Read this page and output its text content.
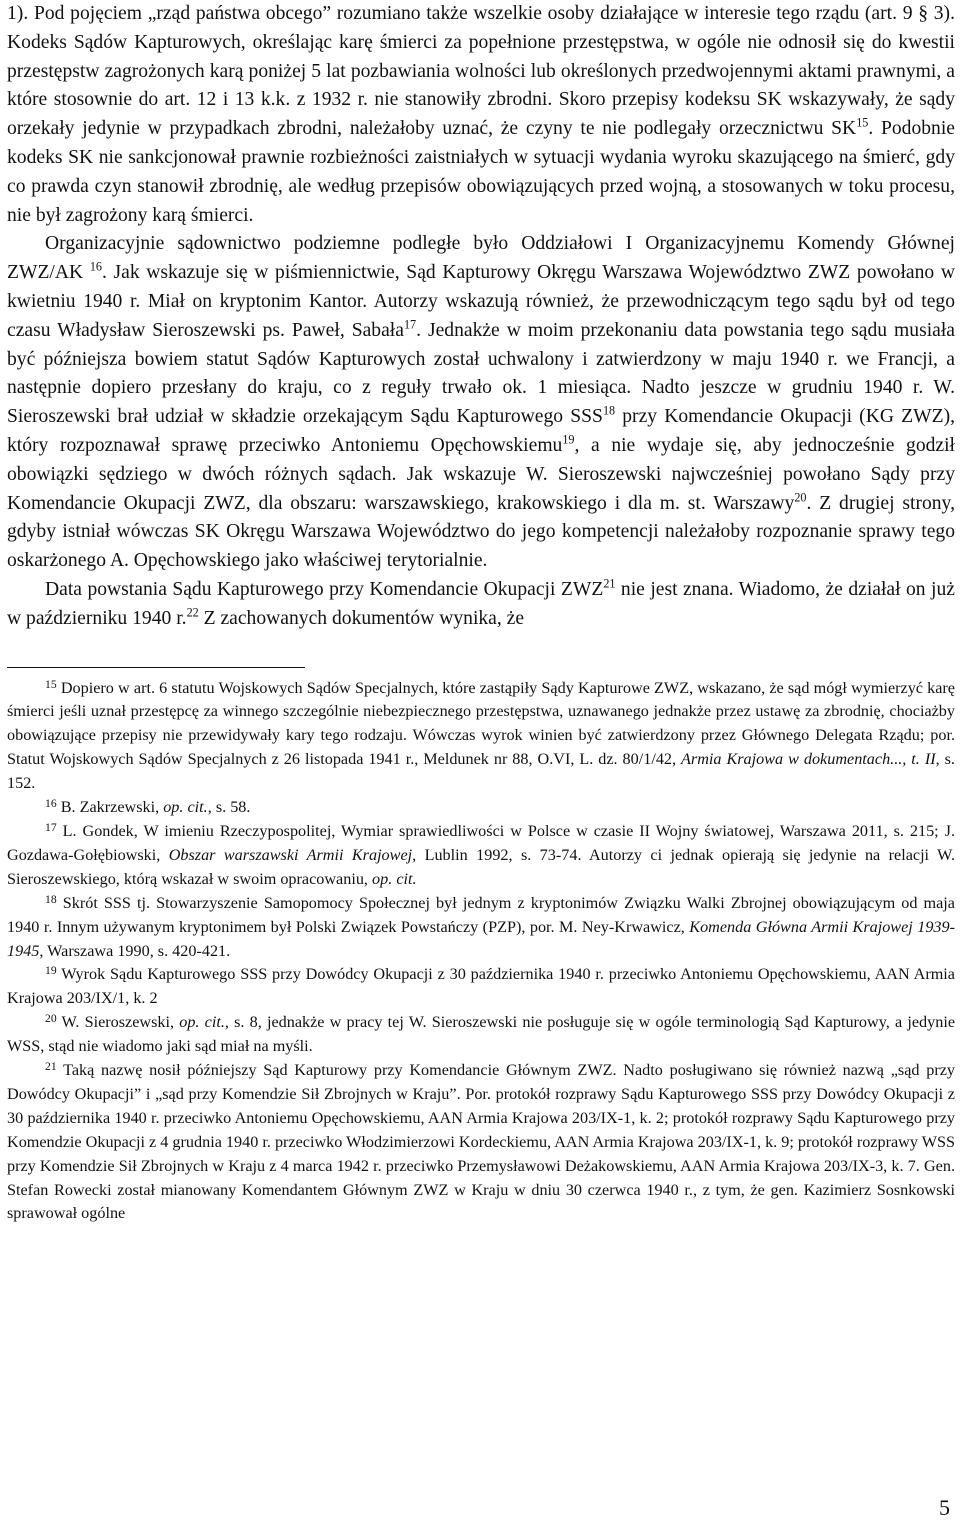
1). Pod pojęciem „rząd państwa obcego” rozumiano także wszelkie osoby działające w interesie tego rządu (art. 9 § 3). Kodeks Sądów Kapturowych, określając karę śmierci za popełnione przestępstwa, w ogóle nie odnosił się do kwestii przestępstw zagrożonych karą poniżej 5 lat pozbawiania wolności lub określonych przedwojennymi aktami prawnymi, a które stosownie do art. 12 i 13 k.k. z 1932 r. nie stanowiły zbrodni. Skoro przepisy kodeksu SK wskazywały, że sądy orzekały jedynie w przypadkach zbrodni, należałoby uznać, że czyny te nie podlegały orzecznictwu SK$^{15}$. Podobnie kodeks SK nie sankcjonował prawnie rozbieżności zaistniałych w sytuacji wydania wyroku skazującego na śmierć, gdy co prawda czyn stanowił zbrodnię, ale według przepisów obowiązujących przed wojną, a stosowanych w toku procesu, nie był zagrożony karą śmierci.

Organizacyjnie sądownictwo podziemne podległe było Oddziałowi I Organizacyjnemu Komendy Głównej ZWZ/AK $^{16}$. Jak wskazuje się w piśmiennictwie, Sąd Kapturowy Okręgu Warszawa Województwo ZWZ powołano w kwietniu 1940 r. Miał on kryptonim Kantor. Autorzy wskazują również, że przewodniczącym tego sądu był od tego czasu Władysław Sieroszewski ps. Paweł, Sabała$^{17}$. Jednakże w moim przekonaniu data powstania tego sądu musiała być późniejsza bowiem statut Sądów Kapturowych został uchwalony i zatwierdzony w maju 1940 r. we Francji, a następnie dopiero przesłany do kraju, co z reguły trwało ok. 1 miesiąca. Nadto jeszcze w grudniu 1940 r. W. Sieroszewski brał udział w składzie orzekającym Sądu Kapturowego SSS$^{18}$ przy Komendancie Okupacji (KG ZWZ), który rozpoznawał sprawę przeciwko Antoniemu Opęchowskiemu$^{19}$, a nie wydaje się, aby jednocześnie godził obowiązki sędziego w dwóch różnych sądach. Jak wskazuje W. Sieroszewski najwcześniej powołano Sądy przy Komendancie Okupacji ZWZ, dla obszaru: warszawskiego, krakowskiego i dla m. st. Warszawy$^{20}$. Z drugiej strony, gdyby istniał wówczas SK Okręgu Warszawa Województwo do jego kompetencji należałoby rozpoznanie sprawy tego oskarżonego A. Opęchowskiego jako właściwej terytorialnie.

Data powstania Sądu Kapturowego przy Komendancie Okupacji ZWZ$^{21}$ nie jest znana. Wiadomo, że działał on już w październiku 1940 r.$^{22}$ Z zachowanych dokumentów wynika, że

$^{15}$ Dopiero w art. 6 statutu Wojskowych Sądów Specjalnych, które zastąpiły Sądy Kapturowe ZWZ, wskazano, że sąd mógł wymierzyć karę śmierci jeśli uznał przestępcę za winnego szczególnie niebezpiecznego przestępstwa, uznawanego jednakże przez ustawę za zbrodnię, chociażby obowiązujące przepisy nie przewidywały kary tego rodzaju. Wówczas wyrok winien być zatwierdzony przez Głównego Delegata Rządu; por. Statut Wojskowych Sądów Specjalnych z 26 listopada 1941 r., Meldunek nr 88, O.VI, L. dz. 80/1/42, Armia Krajowa w dokumentach..., t. II, s. 152.

$^{16}$ B. Zakrzewski, op. cit., s. 58.

$^{17}$ L. Gondek, W imieniu Rzeczypospolitej, Wymiar sprawiedliwości w Polsce w czasie II Wojny światowej, Warszawa 2011, s. 215; J. Gozdawa-Gołębiowski, Obszar warszawski Armii Krajowej, Lublin 1992, s. 73-74. Autorzy ci jednak opierają się jedynie na relacji W. Sieroszewskiego, którą wskazał w swoim opracowaniu, op. cit.

$^{18}$ Skrót SSS tj. Stowarzyszenie Samopomocy Społecznej był jednym z kryptonimów Związku Walki Zbrojnej obowiązującym od maja 1940 r. Innym używanym kryptonimem był Polski Związek Powstańczy (PZP), por. M. Ney-Krwawicz, Komenda Główna Armii Krajowej 1939-1945, Warszawa 1990, s. 420-421.

$^{19}$ Wyrok Sądu Kapturowego SSS przy Dowódcy Okupacji z 30 października 1940 r. przeciwko Antoniemu Opęchowskiemu, AAN Armia Krajowa 203/IX/1, k. 2

$^{20}$ W. Sieroszewski, op. cit., s. 8, jednakże w pracy tej W. Sieroszewski nie posługuje się w ogóle terminologią Sąd Kapturowy, a jedynie WSS, stąd nie wiadomo jaki sąd miał na myśli.

$^{21}$ Taką nazwę nosił późniejszy Sąd Kapturowy przy Komendancie Głównym ZWZ. Nadto posługiwano się również nazwą „sąd przy Dowódcy Okupacji” i „sąd przy Komendzie Sił Zbrojnych w Kraju”. Por. protokół rozprawy Sądu Kapturowego SSS przy Dowódcy Okupacji z 30 października 1940 r. przeciwko Antoniemu Opęchowskiemu, AAN Armia Krajowa 203/IX-1, k. 2; protokół rozprawy Sądu Kapturowego przy Komendzie Okupacji z 4 grudnia 1940 r. przeciwko Włodzimierzowi Kordeckiemu, AAN Armia Krajowa 203/IX-1, k. 9; protokół rozprawy WSS przy Komendzie Sił Zbrojnych w Kraju z 4 marca 1942 r. przeciwko Przemysławowi Deżakowskiemu, AAN Armia Krajowa 203/IX-3, k. 7. Gen. Stefan Rowecki został mianowany Komendantem Głównym ZWZ w Kraju w dniu 30 czerwca 1940 r., z tym, że gen. Kazimierz Sosnkowski sprawował ogólne

5
